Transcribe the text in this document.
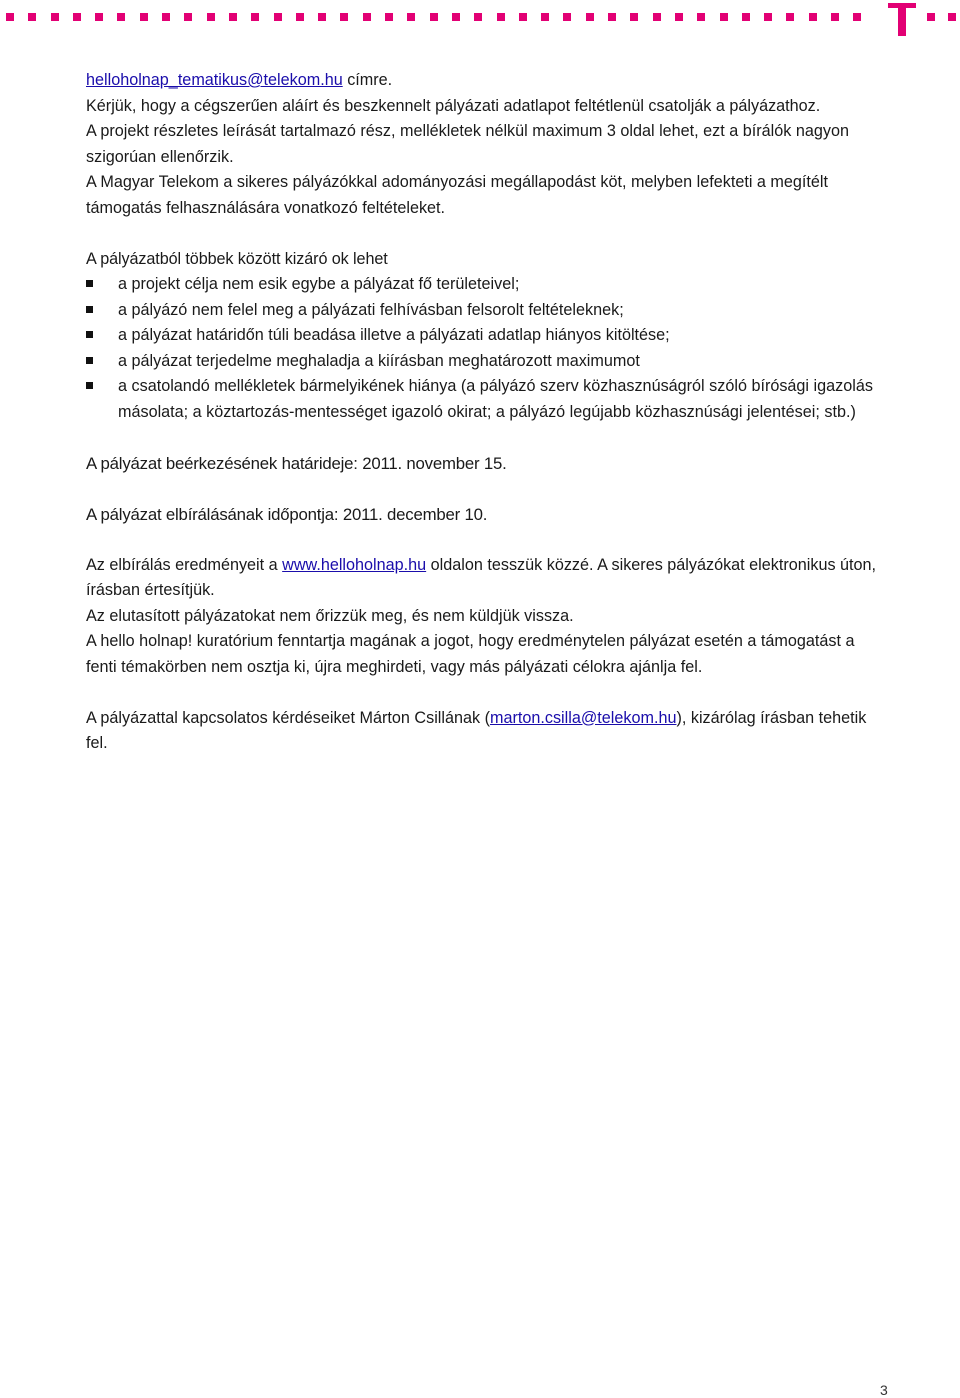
helloholnap_tematikus@telekom.hu címre.

Kérjük, hogy a cégszerűen aláírt és beszkennelt pályázati adatlapot feltétlenül csatolják a pályázathoz.

A projekt részletes leírását tartalmazó rész, mellékletek nélkül maximum 3 oldal lehet, ezt a bírálók nagyon szigorúan ellenőrzik.

A Magyar Telekom a sikeres pályázókkal adományozási megállapodást köt, melyben lefekteti a megítélt támogatás felhasználására vonatkozó feltételeket.

A pályázatból többek között kizáró ok lehet

a projekt célja nem esik egybe a pályázat fő területeivel;
a pályázó nem felel meg a pályázati felhívásban felsorolt feltételeknek;
a pályázat határidőn túli beadása illetve a pályázati adatlap hiányos kitöltése;
a pályázat terjedelme meghaladja a kiírásban meghatározott maximumot
a csatolandó mellékletek bármelyikének hiánya (a pályázó szerv közhasznúságról szóló bírósági igazolás másolata; a köztartozás-mentességet igazoló okirat; a pályázó legújabb közhasznúsági jelentései; stb.)

A pályázat beérkezésének határideje: 2011. november 15.

A pályázat elbírálásának időpontja: 2011. december 10.

Az elbírálás eredményeit a www.helloholnap.hu oldalon tesszük közzé. A sikeres pályázókat elektronikus úton, írásban értesítjük.

Az elutasított pályázatokat nem őrizzük meg, és nem küldjük vissza.

A hello holnap! kuratórium fenntartja magának a jogot, hogy eredménytelen pályázat esetén a támogatást a fenti témakörben nem osztja ki, újra meghirdeti, vagy más pályázati célokra ajánlja fel.

A pályázattal kapcsolatos kérdéseiket Márton Csillának (marton.csilla@telekom.hu), kizárólag írásban tehetik fel.

3
